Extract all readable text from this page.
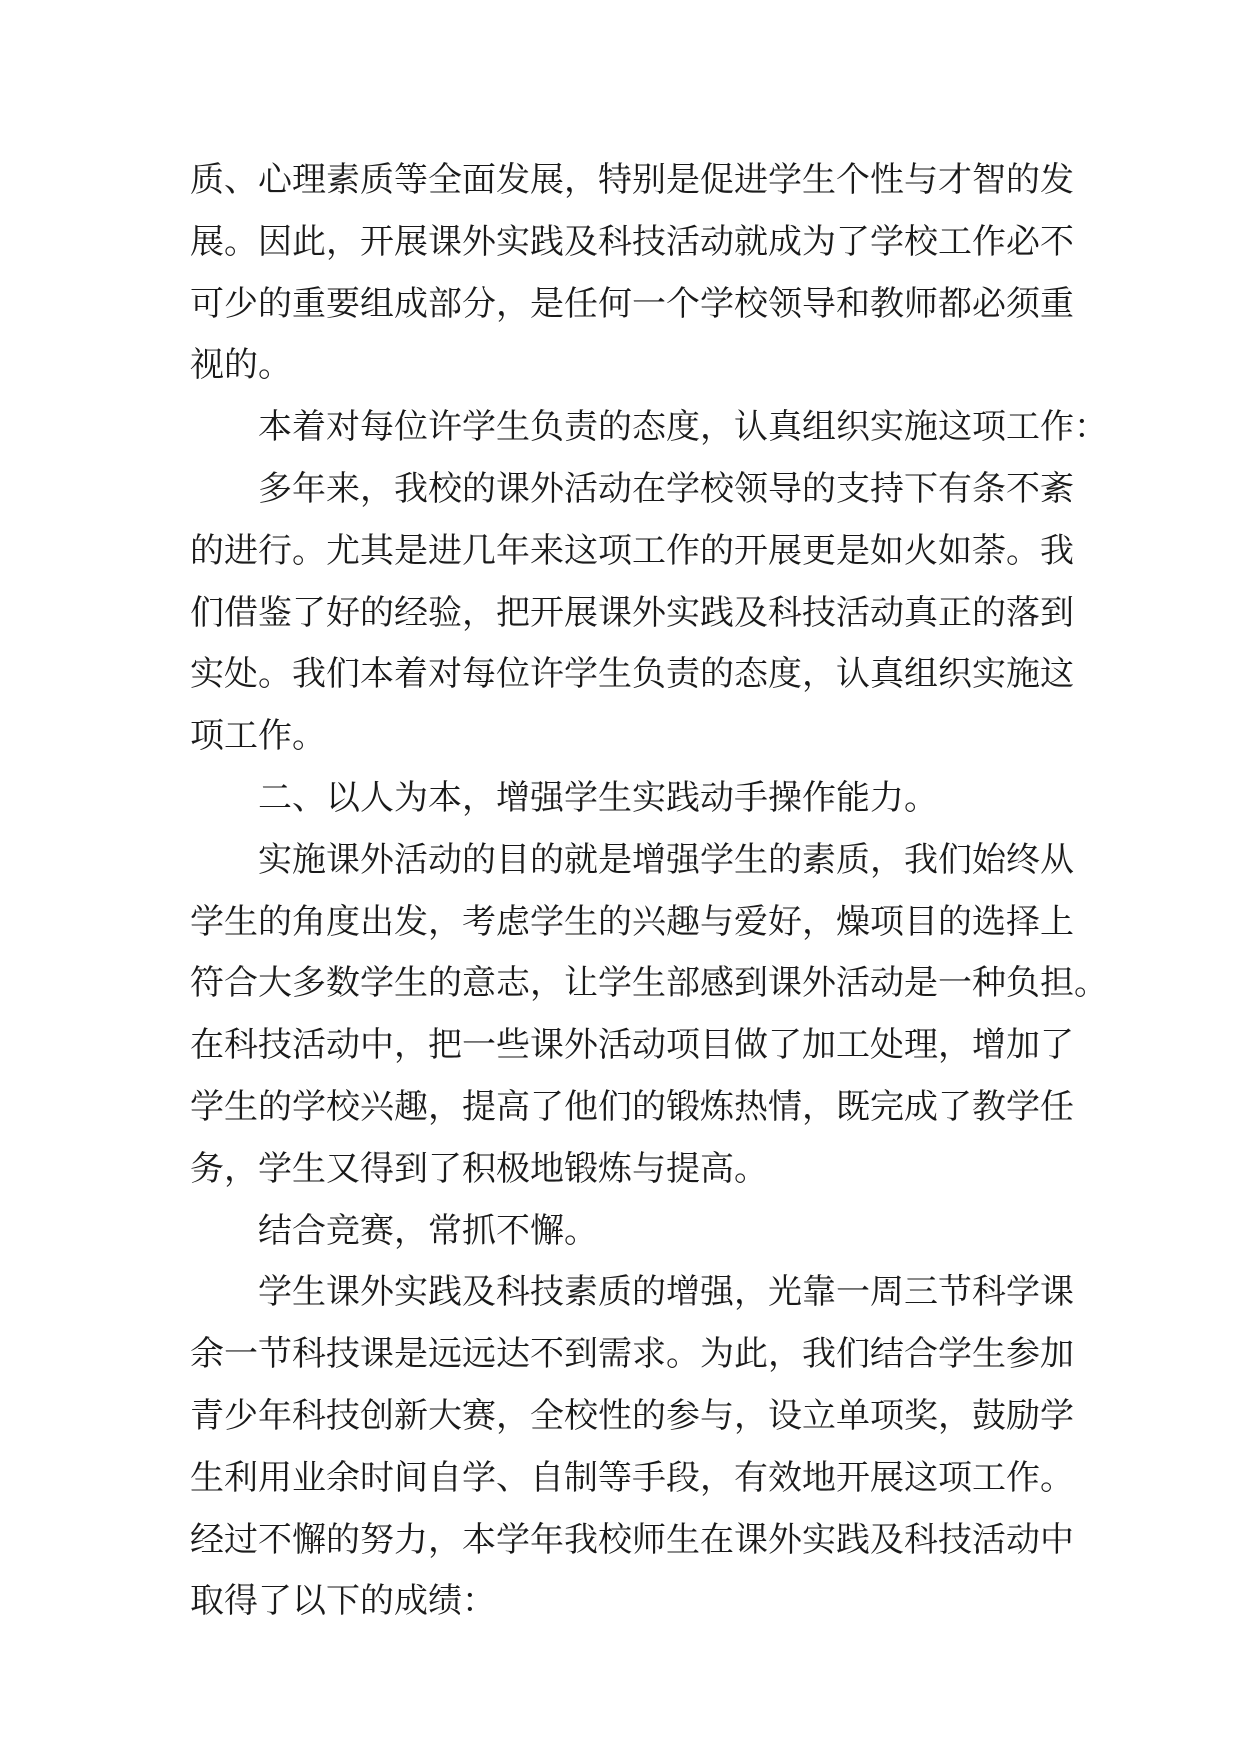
质、心理素质等全面发展，特别是促进学生个性与才智的发
展。因此，开展课外实践及科技活动就成为了学校工作必不
可少的重要组成部分，是任何一个学校领导和教师都必须重
视的。
本着对每位许学生负责的态度，认真组织实施这项工作：
多年来，我校的课外活动在学校领导的支持下有条不紊
的进行。尤其是进几年来这项工作的开展更是如火如荼。我
们借鉴了好的经验，把开展课外实践及科技活动真正的落到
实处。我们本着对每位许学生负责的态度，认真组织实施这
项工作。
二、以人为本，增强学生实践动手操作能力。
实施课外活动的目的就是增强学生的素质，我们始终从
学生的角度出发，考虑学生的兴趣与爱好，燥项目的选择上
符合大多数学生的意志，让学生部感到课外活动是一种负担。
在科技活动中，把一些课外活动项目做了加工处理，增加了
学生的学校兴趣，提高了他们的锻炼热情，既完成了教学任
务，学生又得到了积极地锻炼与提高。
结合竞赛，常抓不懈。
学生课外实践及科技素质的增强，光靠一周三节科学课
余一节科技课是远远达不到需求。为此，我们结合学生参加
青少年科技创新大赛，全校性的参与，设立单项奖，鼓励学
生利用业余时间自学、自制等手段，有效地开展这项工作。
经过不懈的努力，本学年我校师生在课外实践及科技活动中
取得了以下的成绩：
